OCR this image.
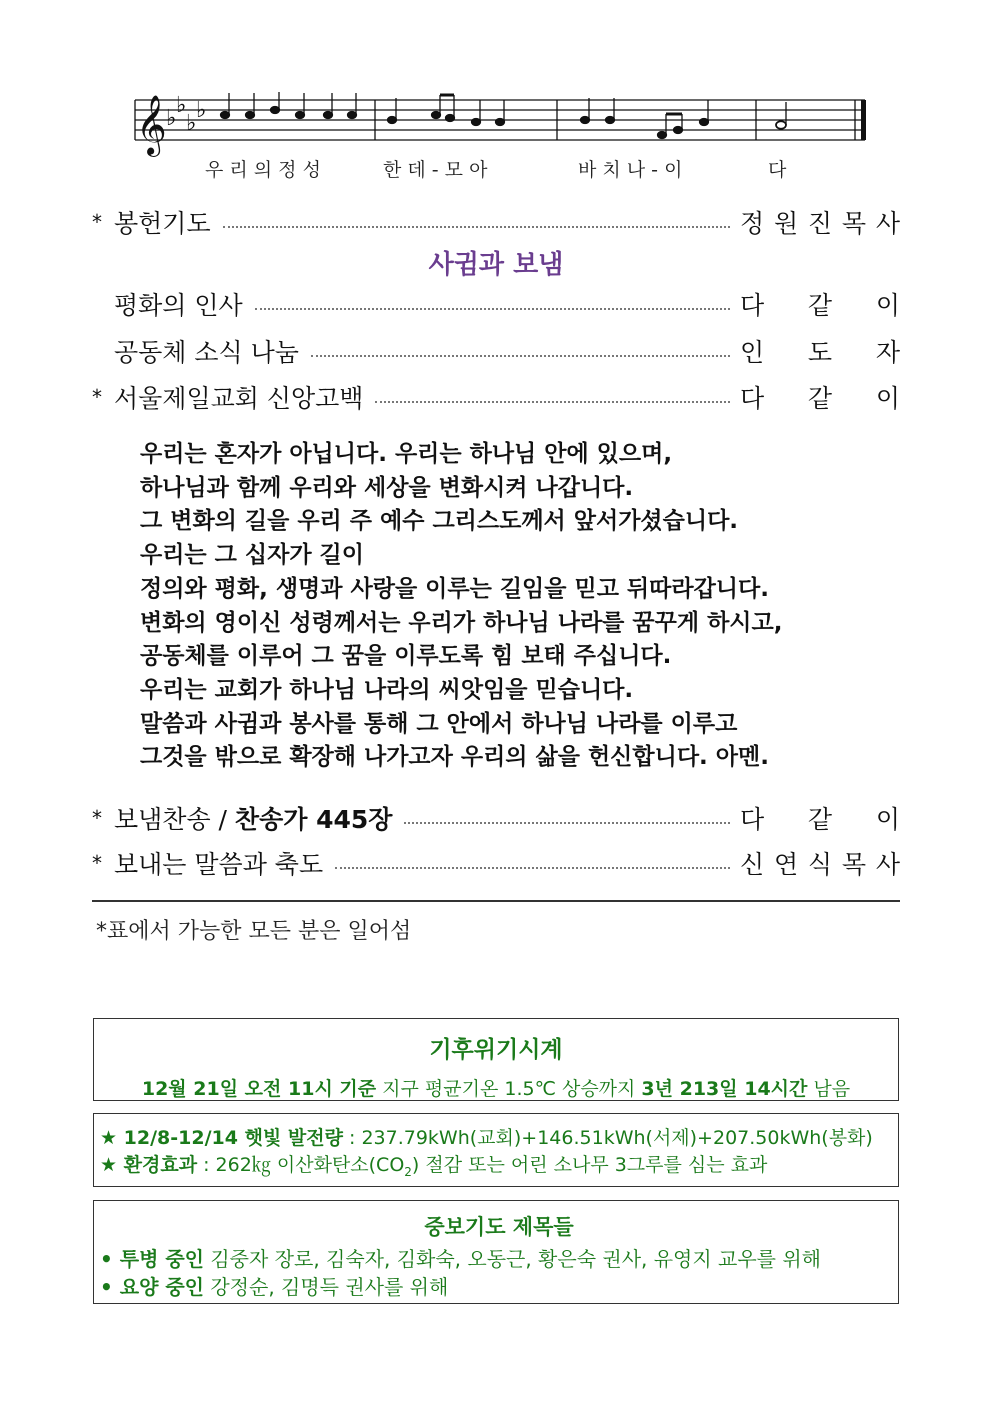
𝄞 ♭
♭
♭
♭
우 리 의 정 성	한 데 - 모 아	바 치 나 - 이	다
* 봉헌기도	정 원 진 목 사
사귐과 보냄
평화의 인사	다 같 이
공동체 소식 나눔	인 도 자
* 서울제일교회 신앙고백	다 같 이
우리는 혼자가 아닙니다. 우리는 하나님 안에 있으며,
하나님과 함께 우리와 세상을 변화시켜 나갑니다.
그 변화의 길을 우리 주 예수 그리스도께서 앞서가셨습니다.
우리는 그 십자가 길이
정의와 평화, 생명과 사랑을 이루는 길임을 믿고 뒤따라갑니다.
변화의 영이신 성령께서는 우리가 하나님 나라를 꿈꾸게 하시고,
공동체를 이루어 그 꿈을 이루도록 힘 보태 주십니다.
우리는 교회가 하나님 나라의 씨앗임을 믿습니다.
말씀과 사귐과 봉사를 통해 그 안에서 하나님 나라를 이루고
그것을 밖으로 확장해 나가고자 우리의 삶을 헌신합니다. 아멘.
* 보냄찬송 / 찬송가 445장	다 같 이
* 보내는 말씀과 축도	신 연 식 목 사
*표에서 가능한 모든 분은 일어섬
기후위기시계
12월 21일 오전 11시 기준 지구 평균기온 1.5℃ 상승까지 3년 213일 14시간 남음
★ 12/8-12/14 햇빛 발전량 : 237.79kWh(교회)+146.51kWh(서제)+207.50kWh(봉화)
★ 환경효과 : 262㎏ 이산화탄소$(CO_2)$ 절감 또는 어린 소나무 3그루를 심는 효과
중보기도 제목들
• 투병 중인 김중자 장로, 김숙자, 김화숙, 오동근, 황은숙 권사, 유영지 교우를 위해
• 요양 중인 강정순, 김명득 권사를 위해
